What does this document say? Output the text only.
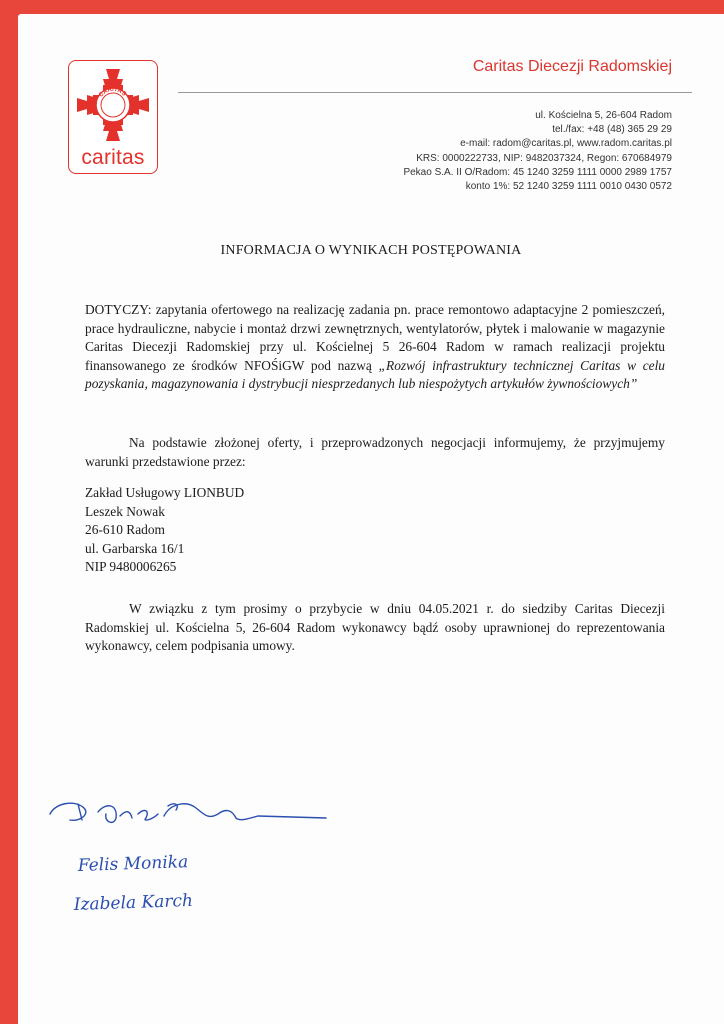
CARITAS
caritas
Caritas Diecezji Radomskiej
ul. Kościelna 5, 26-604 Radom
tel./fax: +48 (48) 365 29 29
e-mail: radom@caritas.pl, www.radom.caritas.pl
KRS: 0000222733, NIP: 9482037324, Regon: 670684979
Pekao S.A. II O/Radom: 45 1240 3259 1111 0000 2989 1757
konto 1%: 52 1240 3259 1111 0010 0430 0572
INFORMACJA O WYNIKACH POSTĘPOWANIA
DOTYCZY: zapytania ofertowego na realizację zadania pn. prace remontowo adaptacyjne 2 pomieszczeń, prace hydrauliczne, nabycie i montaż drzwi zewnętrznych, wentylatorów, płytek i malowanie w magazynie Caritas Diecezji Radomskiej przy ul. Kościelnej 5 26-604 Radom w ramach realizacji projektu finansowanego ze środków NFOŚiGW pod nazwą „Rozwój infrastruktury technicznej Caritas w celu pozyskania, magazynowania i dystrybucji niesprzedanych lub niespożytych artykułów żywnościowych”
Na podstawie złożonej oferty, i przeprowadzonych negocjacji informujemy, że przyjmujemy warunki przedstawione przez:
Zakład Usługowy LIONBUD
Leszek Nowak
26-610 Radom
ul. Garbarska 16/1
NIP 9480006265
W związku z tym prosimy o przybycie w dniu 04.05.2021 r. do siedziby Caritas Diecezji Radomskiej ul. Kościelna 5, 26-604 Radom wykonawcy bądź osoby uprawnionej do reprezentowania wykonawcy, celem podpisania umowy.
Felis Monika
Izabela Karch
